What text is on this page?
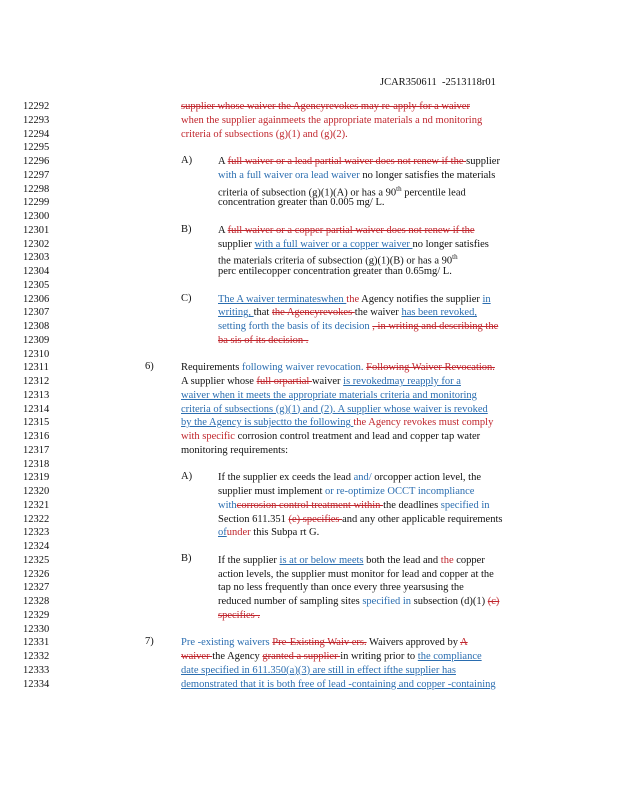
JCAR350611 -2513118r01
12292
12293
12294
12295
12296
12297
12298
12299
12300
12301
12302
12303
12304
12305
12306
12307
12308
12309
12310
12311
12312
12313
12314
12315
12316
12317
12318
12319
12320
12321
12322
12323
12324
12325
12326
12327
12328
12329
12330
12331
12332
12333
12334
A)
B)
C)
6)
A)
B)
7)
supplier whose waiver the Agencyrevokes may re-apply for a waiver
when the supplier againmeets the appropriate materials a nd monitoring
criteria of subsections (g)(1) and (g)(2).
A full waiver or a lead partial waiver does not renew if the supplier
with a full waiver ora lead waiver no longer satisfies the materials
criteria of subsection (g)(1)(A) or has a 90th percentile lead
concentration greater than 0.005 mg/ L.
A full waiver or a copper partial waiver does not renew if the
supplier with a full waiver or a copper waiver no longer satisfies
the materials criteria of subsection (g)(1)(B) or has a 90th
perc entilecopper concentration greater than 0.65mg/ L.
The A waiver terminateswhen the Agency notifies the supplier in
writing, that the Agencyrevokes the waiver has been revoked,
setting forth the basis of its decision , in writing and describing the
ba sis of its decision .
Requirements following waiver revocation. Following Waiver Revocation.
A supplier whose full orpartial waiver is revokedmay reapply for a
waiver when it meets the appropriate materials criteria and monitoring
criteria of subsections (g)(1) and (2). A supplier whose waiver is revoked
by the Agency is subjectto the following the Agency revokes must comply
with specific corrosion control treatment and lead and copper tap water
monitoring requirements:
If the supplier ex ceeds the lead and/ orcopper action level, the
supplier must implement or re-optimize OCCT incompliance
withcorrosion control treatment within the deadlines specified in
Section 611.351 (e) specifies and any other applicable requirements
ofunder this Subpa rt G.
If the supplier is at or below meets both the lead and the copper
action levels, the supplier must monitor for lead and copper at the
tap no less frequently than once every three yearsusing the
reduced number of sampling sites specified in subsection (d)(1) (c)
specifies .
Pre -existing waivers Pre-Existing Waiv ers. Waivers approved by A
waiver the Agency granted a supplier in writing prior to the compliance
date specified in 611.350(a)(3) are still in effect ifthe supplier has
demonstrated that it is both free of lead -containing and copper -containing
